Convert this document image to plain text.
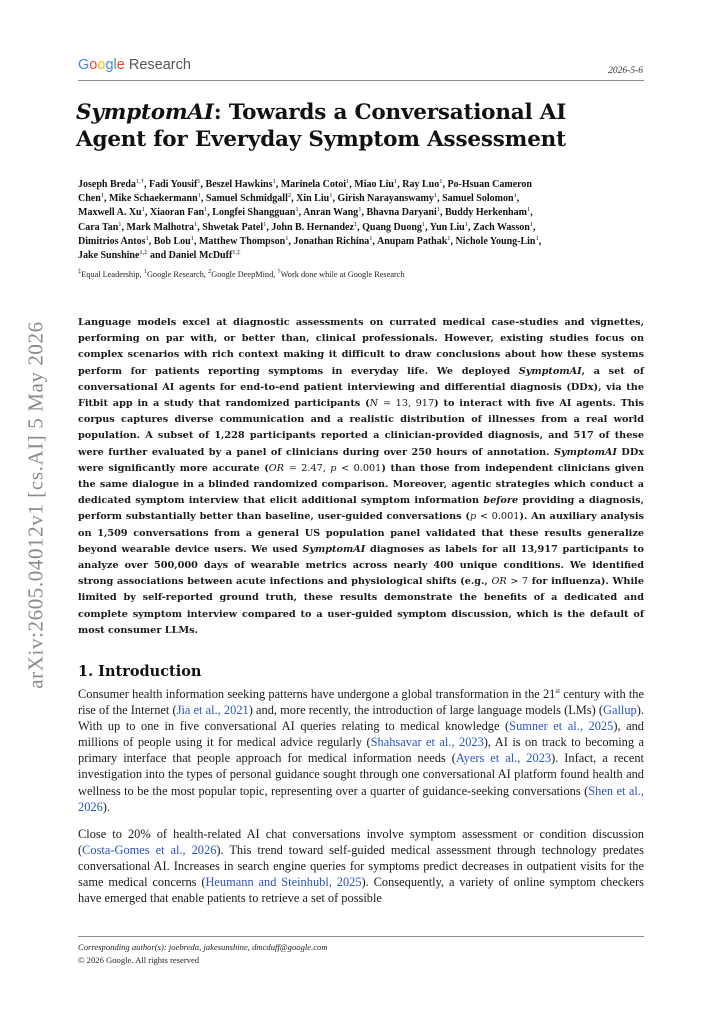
Google Research	2026-5-6
arXiv:2605.04012v1 [cs.AI] 5 May 2026
SymptomAI: Towards a Conversational AI
Agent for Everyday Symptom Assessment
Joseph Breda$^{1,\dagger}$, Fadi Yousif$^1$, Beszel Hawkins$^1$, Marinela Cotoi$^1$, Miao Liu$^1$, Ray Luo$^1$, Po-Hsuan Cameron
Chen$^1$, Mike Schaekermann$^1$, Samuel Schmidgall$^2$, Xin Liu$^1$, Girish Narayanswamy$^1$, Samuel Solomon$^1$,
Maxwell A. Xu$^1$, Xiaoran Fan$^1$, Longfei Shangguan$^1$, Anran Wang$^1$, Bhavna Daryani$^1$, Buddy Herkenham$^1$,
Cara Tan$^1$, Mark Malhotra$^1$, Shwetak Patel$^1$, John B. Hernandez$^1$, Quang Duong$^1$, Yun Liu$^1$, Zach Wasson$^1$,
Dimitrios Antos$^1$, Bob Lou$^1$, Matthew Thompson$^1$, Jonathan Richina$^1$, Anupam Pathak$^1$, Nichole Young-Lin$^1$,
Jake Sunshine$^{1,\ddagger}$ and Daniel McDuff$^{1,\ddagger}$
‡Equal Leadership, $^1$Google Research, $^2$Google DeepMind, †Work done while at Google Research

Language models excel at diagnostic assessments on currated medical case-studies and vignettes, performing on par with, or better than, clinical professionals. However, existing studies focus on complex scenarios with rich context making it difficult to draw conclusions about how these systems perform for patients reporting symptoms in everyday life. We deployed SymptomAI, a set of conversational AI agents for end-to-end patient interviewing and differential diagnosis (DDx), via the Fitbit app in a study that randomized participants (N = 13, 917) to interact with five AI agents. This corpus captures diverse communication and a realistic distribution of illnesses from a real world population. A subset of 1,228 participants reported a clinician-provided diagnosis, and 517 of these were further evaluated by a panel of clinicians during over 250 hours of annotation. SymptomAI DDx were significantly more accurate (OR = 2.47, p < 0.001) than those from independent clinicians given the same dialogue in a blinded randomized comparison. Moreover, agentic strategies which conduct a dedicated symptom interview that elicit additional symptom information before providing a diagnosis, perform substantially better than baseline, user-guided conversations (p < 0.001). An auxiliary analysis on 1,509 conversations from a general US population panel validated that these results generalize beyond wearable device users. We used SymptomAI diagnoses as labels for all 13,917 participants to analyze over 500,000 days of wearable metrics across nearly 400 unique conditions. We identified strong associations between acute infections and physiological shifts (e.g., OR > 7 for influenza). While limited by self-reported ground truth, these results demonstrate the benefits of a dedicated and complete symptom interview compared to a user-guided symptom discussion, which is the default of most consumer LLMs.

1. Introduction

Consumer health information seeking patterns have undergone a global transformation in the 21st century with the rise of the Internet (Jia et al., 2021) and, more recently, the introduction of large language models (LMs) (Gallup). With up to one in five conversational AI queries relating to medical knowledge (Sumner et al., 2025), and millions of people using it for medical advice regularly (Shahsavar et al., 2023), AI is on track to becoming a primary interface that people approach for medical information needs (Ayers et al., 2023). Infact, a recent investigation into the types of personal guidance sought through one conversational AI platform found health and wellness to be the most popular topic, representing over a quarter of guidance-seeking conversations (Shen et al., 2026).

Close to 20% of health-related AI chat conversations involve symptom assessment or condition discussion (Costa-Gomes et al., 2026). This trend toward self-guided medical assessment through technology predates conversational AI. Increases in search engine queries for symptoms predict decreases in outpatient visits for the same medical concerns (Heumann and Steinhubl, 2025). Consequently, a variety of online symptom checkers have emerged that enable patients to retrieve a set of possible

Corresponding author(s): joebreda, jakesunshine, dmcduff@google.com
© 2026 Google. All rights reserved
